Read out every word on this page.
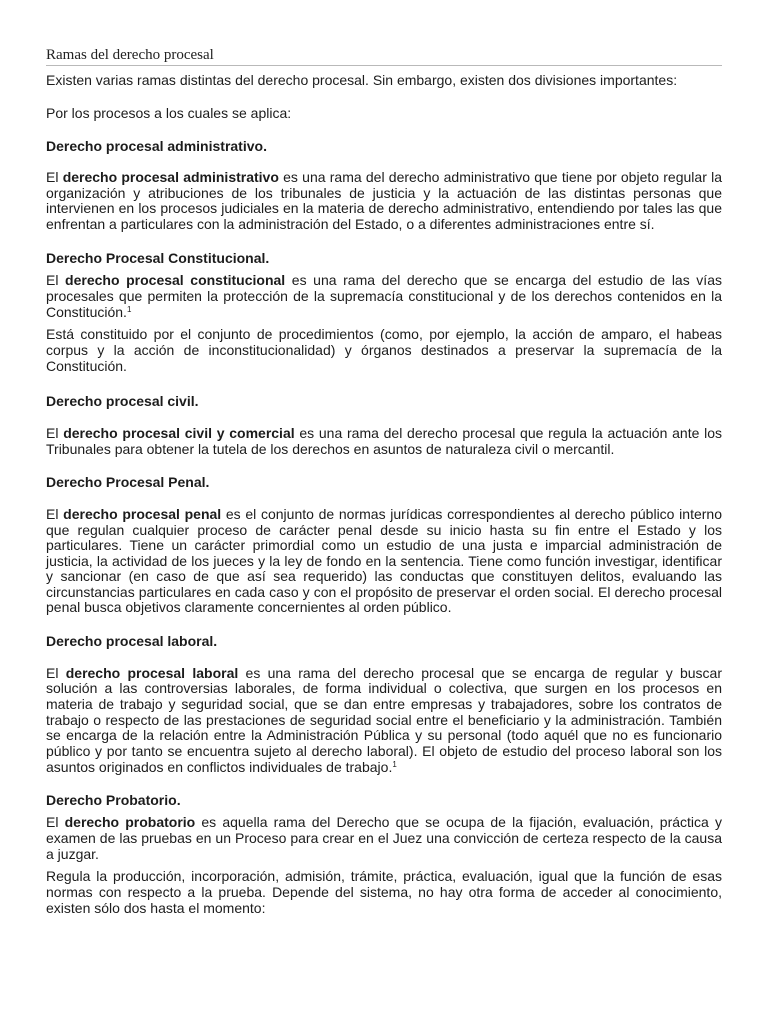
Ramas del derecho procesal

Existen varias ramas distintas del derecho procesal. Sin embargo, existen dos divisiones importantes:

Por los procesos a los cuales se aplica:

Derecho procesal administrativo.

El derecho procesal administrativo es una rama del derecho administrativo que tiene por objeto regular la organización y atribuciones de los tribunales de justicia y la actuación de las distintas personas que intervienen en los procesos judiciales en la materia de derecho administrativo, entendiendo por tales las que enfrentan a particulares con la administración del Estado, o a diferentes administraciones entre sí.

Derecho Procesal Constitucional.

El derecho procesal constitucional es una rama del derecho que se encarga del estudio de las vías procesales que permiten la protección de la supremacía constitucional y de los derechos contenidos en la Constitución.$^1$

Está constituido por el conjunto de procedimientos (como, por ejemplo, la acción de amparo, el habeas corpus y la acción de inconstitucionalidad) y órganos destinados a preservar la supremacía de la Constitución.

Derecho procesal civil.

El derecho procesal civil y comercial es una rama del derecho procesal que regula la actuación ante los Tribunales para obtener la tutela de los derechos en asuntos de naturaleza civil o mercantil.

Derecho Procesal Penal.

El derecho procesal penal es el conjunto de normas jurídicas correspondientes al derecho público interno que regulan cualquier proceso de carácter penal desde su inicio hasta su fin entre el Estado y los particulares. Tiene un carácter primordial como un estudio de una justa e imparcial administración de justicia, la actividad de los jueces y la ley de fondo en la sentencia. Tiene como función investigar, identificar y sancionar (en caso de que así sea requerido) las conductas que constituyen delitos, evaluando las circunstancias particulares en cada caso y con el propósito de preservar el orden social. El derecho procesal penal busca objetivos claramente concernientes al orden público.

Derecho procesal laboral.

El derecho procesal laboral es una rama del derecho procesal que se encarga de regular y buscar solución a las controversias laborales, de forma individual o colectiva, que surgen en los procesos en materia de trabajo y seguridad social, que se dan entre empresas y trabajadores, sobre los contratos de trabajo o respecto de las prestaciones de seguridad social entre el beneficiario y la administración. También se encarga de la relación entre la Administración Pública y su personal (todo aquél que no es funcionario público y por tanto se encuentra sujeto al derecho laboral). El objeto de estudio del proceso laboral son los asuntos originados en conflictos individuales de trabajo.$^1$

Derecho Probatorio.

El derecho probatorio es aquella rama del Derecho que se ocupa de la fijación, evaluación, práctica y examen de las pruebas en un Proceso para crear en el Juez una convicción de certeza respecto de la causa a juzgar.

Regula la producción, incorporación, admisión, trámite, práctica, evaluación, igual que la función de esas normas con respecto a la prueba. Depende del sistema, no hay otra forma de acceder al conocimiento, existen sólo dos hasta el momento:
